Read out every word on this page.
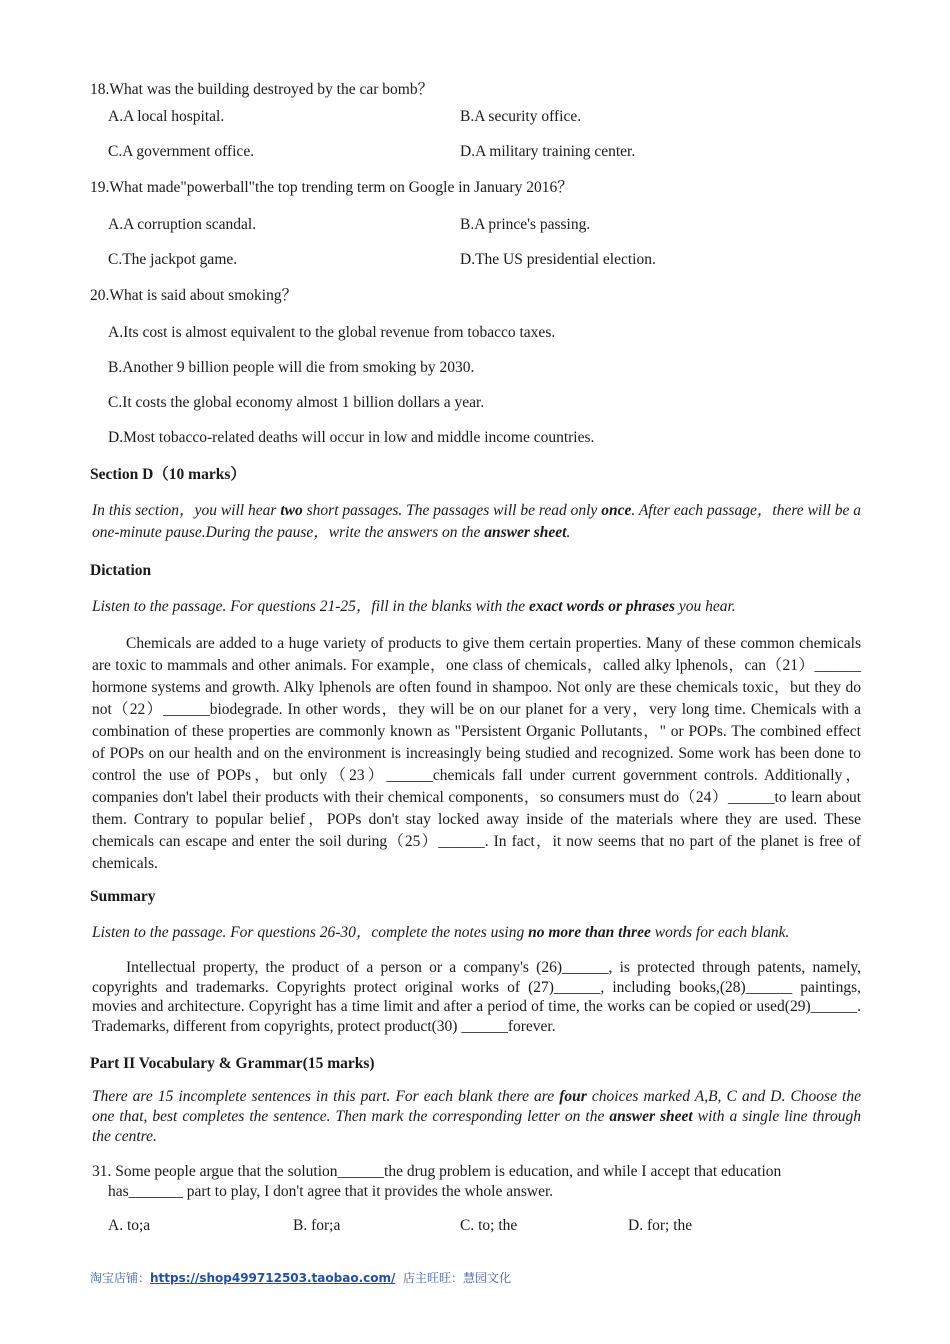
18.What was the building destroyed by the car bomb？
A.A local hospital.	B.A security office.
C.A government office.	D.A military training center.
19.What made"powerball"the top trending term on Google in January 2016？
A.A corruption scandal.	B.A prince's passing.
C.The jackpot game.	D.The US presidential election.
20.What is said about smoking？
A.Its cost is almost equivalent to the global revenue from tobacco taxes.
B.Another 9 billion people will die from smoking by 2030.
C.It costs the global economy almost 1 billion dollars a year.
D.Most tobacco-related deaths will occur in low and middle income countries.
Section D（10 marks）
In this section，you will hear two short passages. The passages will be read only once. After each passage，there will be a one-minute pause.During the pause，write the answers on the answer sheet.
Dictation
Listen to the passage. For questions 21-25，fill in the blanks with the exact words or phrases you hear.
Chemicals are added to a huge variety of products to give them certain properties. Many of these common chemicals are toxic to mammals and other animals. For example，one class of chemicals，called alky lphenols，can（21）______ hormone systems and growth. Alky lphenols are often found in shampoo. Not only are these chemicals toxic，but they do not（22）______biodegrade. In other words，they will be on our planet for a very，very long time. Chemicals with a combination of these properties are commonly known as "Persistent Organic Pollutants，" or POPs. The combined effect of POPs on our health and on the environment is increasingly being studied and recognized. Some work has been done to control the use of POPs，but only（23）______chemicals fall under current government controls. Additionally，companies don't label their products with their chemical components，so consumers must do（24）______to learn about them. Contrary to popular belief，POPs don't stay locked away inside of the materials where they are used. These chemicals can escape and enter the soil during（25）______. In fact，it now seems that no part of the planet is free of chemicals.
Summary
Listen to the passage. For questions 26-30，complete the notes using no more than three words for each blank.
Intellectual property, the product of a person or a company's (26)______, is protected through patents, namely, copyrights and trademarks. Copyrights protect original works of (27)______, including books,(28)______ paintings, movies and architecture. Copyright has a time limit and after a period of time, the works can be copied or used(29)______. Trademarks, different from copyrights, protect product(30) ______forever.
Part II Vocabulary & Grammar(15 marks)
There are 15 incomplete sentences in this part. For each blank there are four choices marked A,B, C and D. Choose the one that, best completes the sentence. Then mark the corresponding letter on the answer sheet with a single line through the centre.
31. Some people argue that the solution______the drug problem is education, and while I accept that education
has_______ part to play, I don't agree that it provides the whole answer.
A. to;a	B. for;a	C. to; the	D. for; the
淘宝店铺：https://shop499712503.taobao.com/  店主旺旺：慧园文化
